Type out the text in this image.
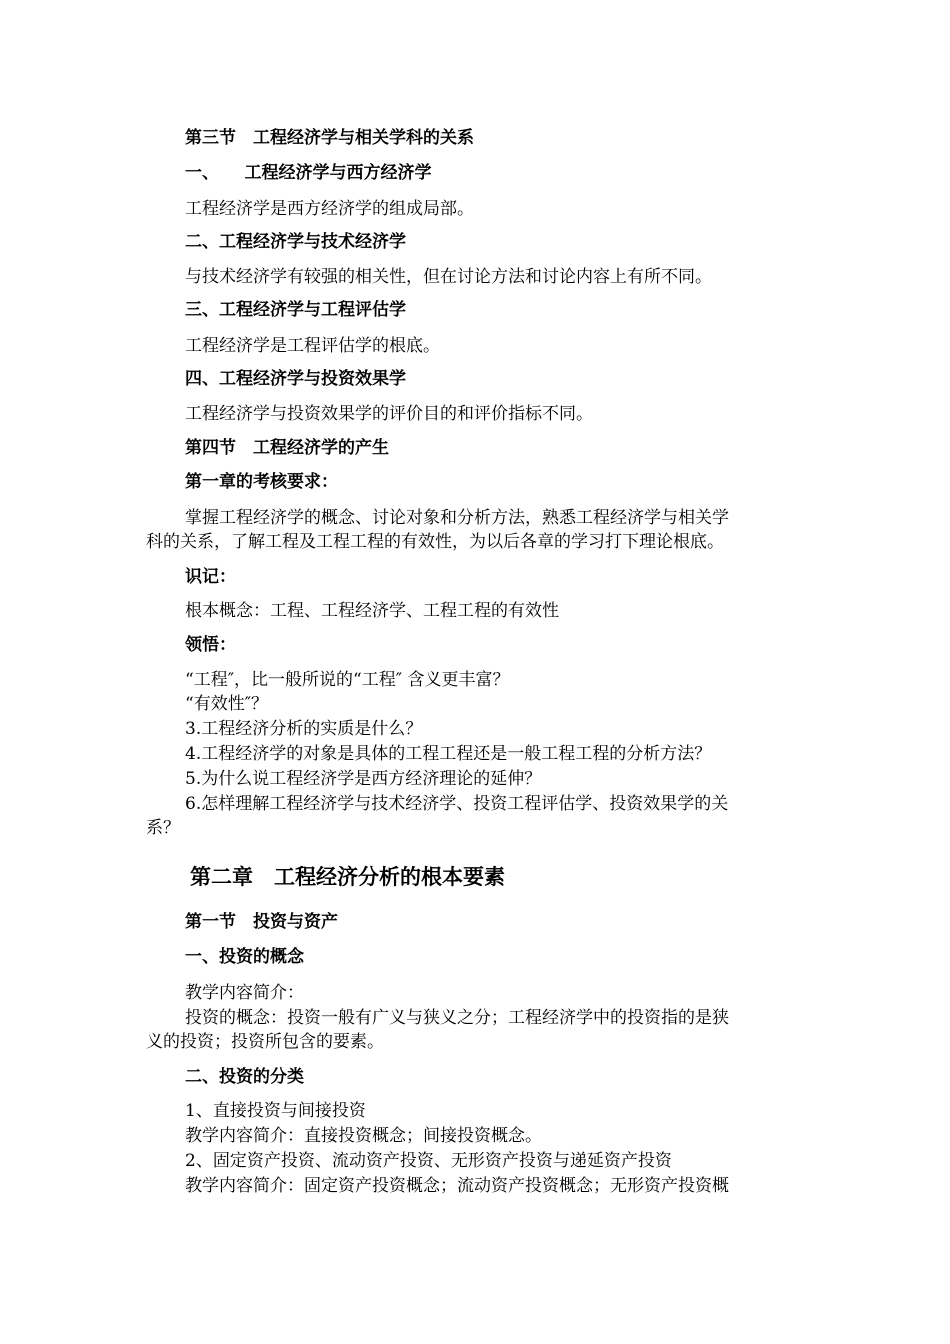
第三节　工程经济学与相关学科的关系
一、　　工程经济学与西方经济学
工程经济学是西方经济学的组成局部。
二、工程经济学与技术经济学
与技术经济学有较强的相关性，但在讨论方法和讨论内容上有所不同。
三、工程经济学与工程评估学
工程经济学是工程评估学的根底。
四、工程经济学与投资效果学
工程经济学与投资效果学的评价目的和评价指标不同。
第四节　工程经济学的产生
第一章的考核要求：
掌握工程经济学的概念、讨论对象和分析方法，熟悉工程经济学与相关学
科的关系，了解工程及工程工程的有效性，为以后各章的学习打下理论根底。
识记：
根本概念：工程、工程经济学、工程工程的有效性
领悟：
“工程″，比一般所说的“工程″ 含义更丰富？
“有效性″？
3.工程经济分析的实质是什么？
4.工程经济学的对象是具体的工程工程还是一般工程工程的分析方法？
5.为什么说工程经济学是西方经济理论的延伸？
6.怎样理解工程经济学与技术经济学、投资工程评估学、投资效果学的关
系？
第二章　工程经济分析的根本要素
第一节　投资与资产
一、投资的概念
教学内容简介：
投资的概念：投资一般有广义与狭义之分；工程经济学中的投资指的是狭
义的投资；投资所包含的要素。
二、投资的分类
1、直接投资与间接投资
教学内容简介：直接投资概念；间接投资概念。
2、固定资产投资、流动资产投资、无形资产投资与递延资产投资
教学内容简介：固定资产投资概念；流动资产投资概念；无形资产投资概
